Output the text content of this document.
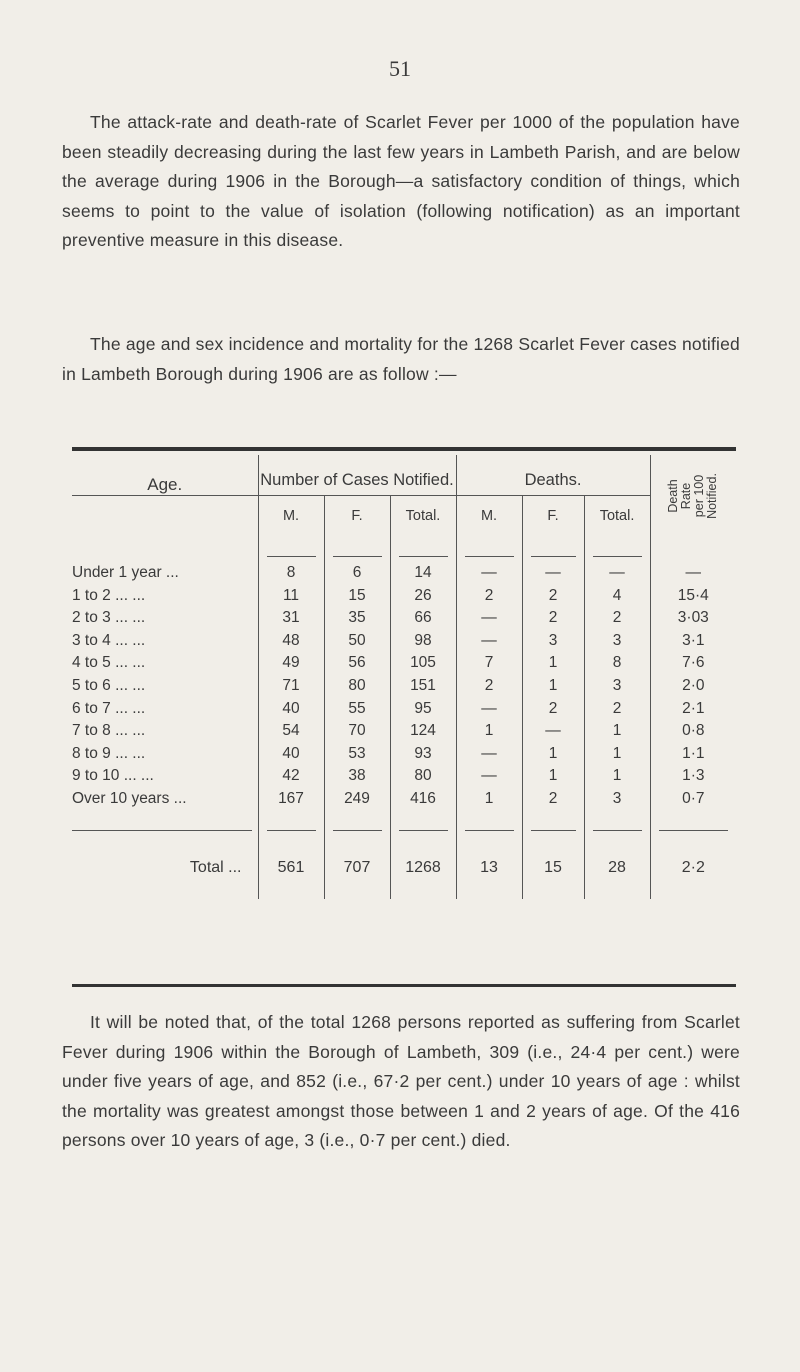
51

The attack-rate and death-rate of Scarlet Fever per 1000 of the population have been steadily decreasing during the last few years in Lambeth Parish, and are below the average during 1906 in the Borough—a satisfactory condition of things, which seems to point to the value of isolation (following notification) as an important preventive measure in this disease.

The age and sex incidence and mortality for the 1268 Scarlet Fever cases notified in Lambeth Borough during 1906 are as follow :—

Age.	Number of Cases Notified.			Deaths.			Death Rate per 100 Notified.

	M.	F.	Total.	M.	F.	Total.	

Under 1 year ...	8	6	14	—	—	—	—
1 to 2 ... ...	11	15	26	2	2	4	15·4
2 to 3 ... ...	31	35	66	—	2	2	3·03
3 to 4 ... ...	48	50	98	—	3	3	3·1
4 to 5 ... ...	49	56	105	7	1	8	7·6
5 to 6 ... ...	71	80	151	2	1	3	2·0
6 to 7 ... ...	40	55	95	—	2	2	2·1
7 to 8 ... ...	54	70	124	1	—	1	0·8
8 to 9 ... ...	40	53	93	—	1	1	1·1
9 to 10 ... ...	42	38	80	—	1	1	1·3
Over 10 years ...	167	249	416	1	2	3	0·7

Total ...	561	707	1268	13	15	28	2·2

It will be noted that, of the total 1268 persons reported as suffering from Scarlet Fever during 1906 within the Borough of Lambeth, 309 (i.e., 24·4 per cent.) were under five years of age, and 852 (i.e., 67·2 per cent.) under 10 years of age : whilst the mortality was greatest amongst those between 1 and 2 years of age. Of the 416 persons over 10 years of age, 3 (i.e., 0·7 per cent.) died.
